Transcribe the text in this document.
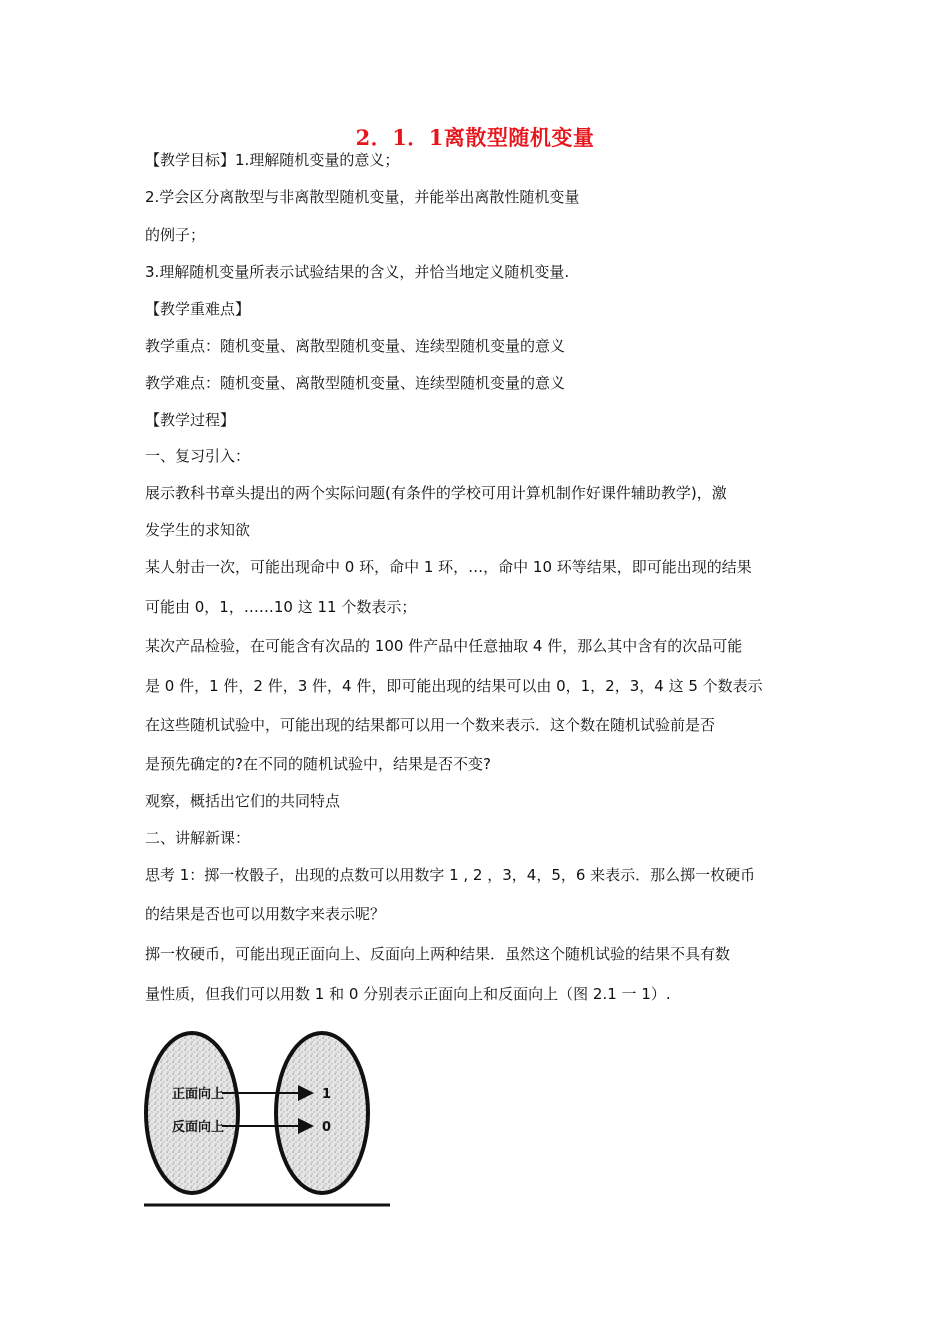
2．1．1离散型随机变量
【教学目标】1.理解随机变量的意义；
2.学会区分离散型与非离散型随机变量，并能举出离散性随机变量
的例子；
3.理解随机变量所表示试验结果的含义，并恰当地定义随机变量.
【教学重难点】
教学重点：随机变量、离散型随机变量、连续型随机变量的意义
教学难点：随机变量、离散型随机变量、连续型随机变量的意义
【教学过程】
一、复习引入：
展示教科书章头提出的两个实际问题(有条件的学校可用计算机制作好课件辅助教学)，激
发学生的求知欲
某人射击一次，可能出现命中 0 环，命中 1 环，…，命中 10 环等结果，即可能出现的结果
可能由 0，1，……10 这 11 个数表示；
某次产品检验，在可能含有次品的 100 件产品中任意抽取 4 件，那么其中含有的次品可能
是 0 件，1 件，2 件，3 件，4 件，即可能出现的结果可以由 0，1，2，3，4 这 5 个数表示
在这些随机试验中，可能出现的结果都可以用一个数来表示．这个数在随机试验前是否
是预先确定的?在不同的随机试验中，结果是否不变?
观察，概括出它们的共同特点
二、讲解新课：
思考 1：掷一枚骰子，出现的点数可以用数字 1 , 2 ，3，4，5，6 来表示．那么掷一枚硬币
的结果是否也可以用数字来表示呢？
掷一枚硬币，可能出现正面向上、反面向上两种结果．虽然这个随机试验的结果不具有数
量性质，但我们可以用数 1 和 0 分别表示正面向上和反面向上（图 2.1 一 1）.
正面向上
反面向上
1
0
